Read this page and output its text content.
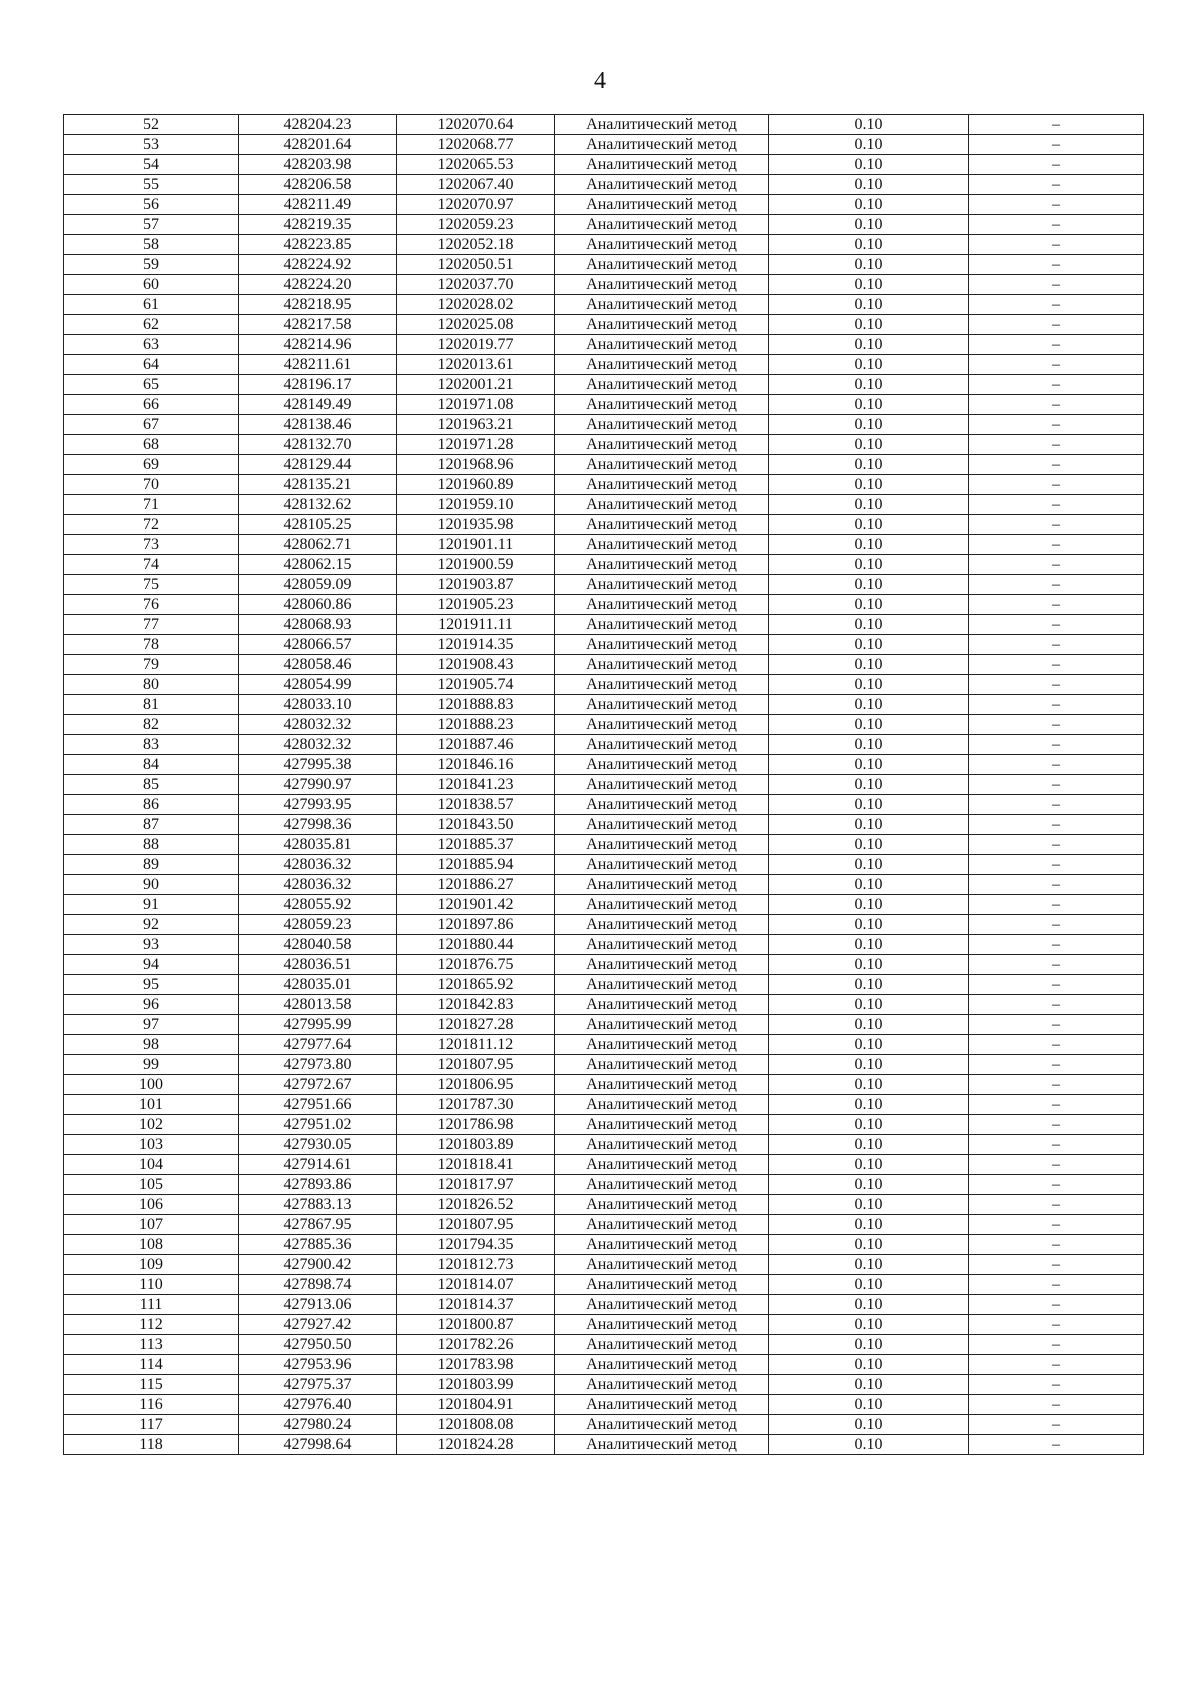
4
52	428204.23	1202070.64	Аналитический метод	0.10	–
53	428201.64	1202068.77	Аналитический метод	0.10	–
54	428203.98	1202065.53	Аналитический метод	0.10	–
55	428206.58	1202067.40	Аналитический метод	0.10	–
56	428211.49	1202070.97	Аналитический метод	0.10	–
57	428219.35	1202059.23	Аналитический метод	0.10	–
58	428223.85	1202052.18	Аналитический метод	0.10	–
59	428224.92	1202050.51	Аналитический метод	0.10	–
60	428224.20	1202037.70	Аналитический метод	0.10	–
61	428218.95	1202028.02	Аналитический метод	0.10	–
62	428217.58	1202025.08	Аналитический метод	0.10	–
63	428214.96	1202019.77	Аналитический метод	0.10	–
64	428211.61	1202013.61	Аналитический метод	0.10	–
65	428196.17	1202001.21	Аналитический метод	0.10	–
66	428149.49	1201971.08	Аналитический метод	0.10	–
67	428138.46	1201963.21	Аналитический метод	0.10	–
68	428132.70	1201971.28	Аналитический метод	0.10	–
69	428129.44	1201968.96	Аналитический метод	0.10	–
70	428135.21	1201960.89	Аналитический метод	0.10	–
71	428132.62	1201959.10	Аналитический метод	0.10	–
72	428105.25	1201935.98	Аналитический метод	0.10	–
73	428062.71	1201901.11	Аналитический метод	0.10	–
74	428062.15	1201900.59	Аналитический метод	0.10	–
75	428059.09	1201903.87	Аналитический метод	0.10	–
76	428060.86	1201905.23	Аналитический метод	0.10	–
77	428068.93	1201911.11	Аналитический метод	0.10	–
78	428066.57	1201914.35	Аналитический метод	0.10	–
79	428058.46	1201908.43	Аналитический метод	0.10	–
80	428054.99	1201905.74	Аналитический метод	0.10	–
81	428033.10	1201888.83	Аналитический метод	0.10	–
82	428032.32	1201888.23	Аналитический метод	0.10	–
83	428032.32	1201887.46	Аналитический метод	0.10	–
84	427995.38	1201846.16	Аналитический метод	0.10	–
85	427990.97	1201841.23	Аналитический метод	0.10	–
86	427993.95	1201838.57	Аналитический метод	0.10	–
87	427998.36	1201843.50	Аналитический метод	0.10	–
88	428035.81	1201885.37	Аналитический метод	0.10	–
89	428036.32	1201885.94	Аналитический метод	0.10	–
90	428036.32	1201886.27	Аналитический метод	0.10	–
91	428055.92	1201901.42	Аналитический метод	0.10	–
92	428059.23	1201897.86	Аналитический метод	0.10	–
93	428040.58	1201880.44	Аналитический метод	0.10	–
94	428036.51	1201876.75	Аналитический метод	0.10	–
95	428035.01	1201865.92	Аналитический метод	0.10	–
96	428013.58	1201842.83	Аналитический метод	0.10	–
97	427995.99	1201827.28	Аналитический метод	0.10	–
98	427977.64	1201811.12	Аналитический метод	0.10	–
99	427973.80	1201807.95	Аналитический метод	0.10	–
100	427972.67	1201806.95	Аналитический метод	0.10	–
101	427951.66	1201787.30	Аналитический метод	0.10	–
102	427951.02	1201786.98	Аналитический метод	0.10	–
103	427930.05	1201803.89	Аналитический метод	0.10	–
104	427914.61	1201818.41	Аналитический метод	0.10	–
105	427893.86	1201817.97	Аналитический метод	0.10	–
106	427883.13	1201826.52	Аналитический метод	0.10	–
107	427867.95	1201807.95	Аналитический метод	0.10	–
108	427885.36	1201794.35	Аналитический метод	0.10	–
109	427900.42	1201812.73	Аналитический метод	0.10	–
110	427898.74	1201814.07	Аналитический метод	0.10	–
111	427913.06	1201814.37	Аналитический метод	0.10	–
112	427927.42	1201800.87	Аналитический метод	0.10	–
113	427950.50	1201782.26	Аналитический метод	0.10	–
114	427953.96	1201783.98	Аналитический метод	0.10	–
115	427975.37	1201803.99	Аналитический метод	0.10	–
116	427976.40	1201804.91	Аналитический метод	0.10	–
117	427980.24	1201808.08	Аналитический метод	0.10	–
118	427998.64	1201824.28	Аналитический метод	0.10	–
